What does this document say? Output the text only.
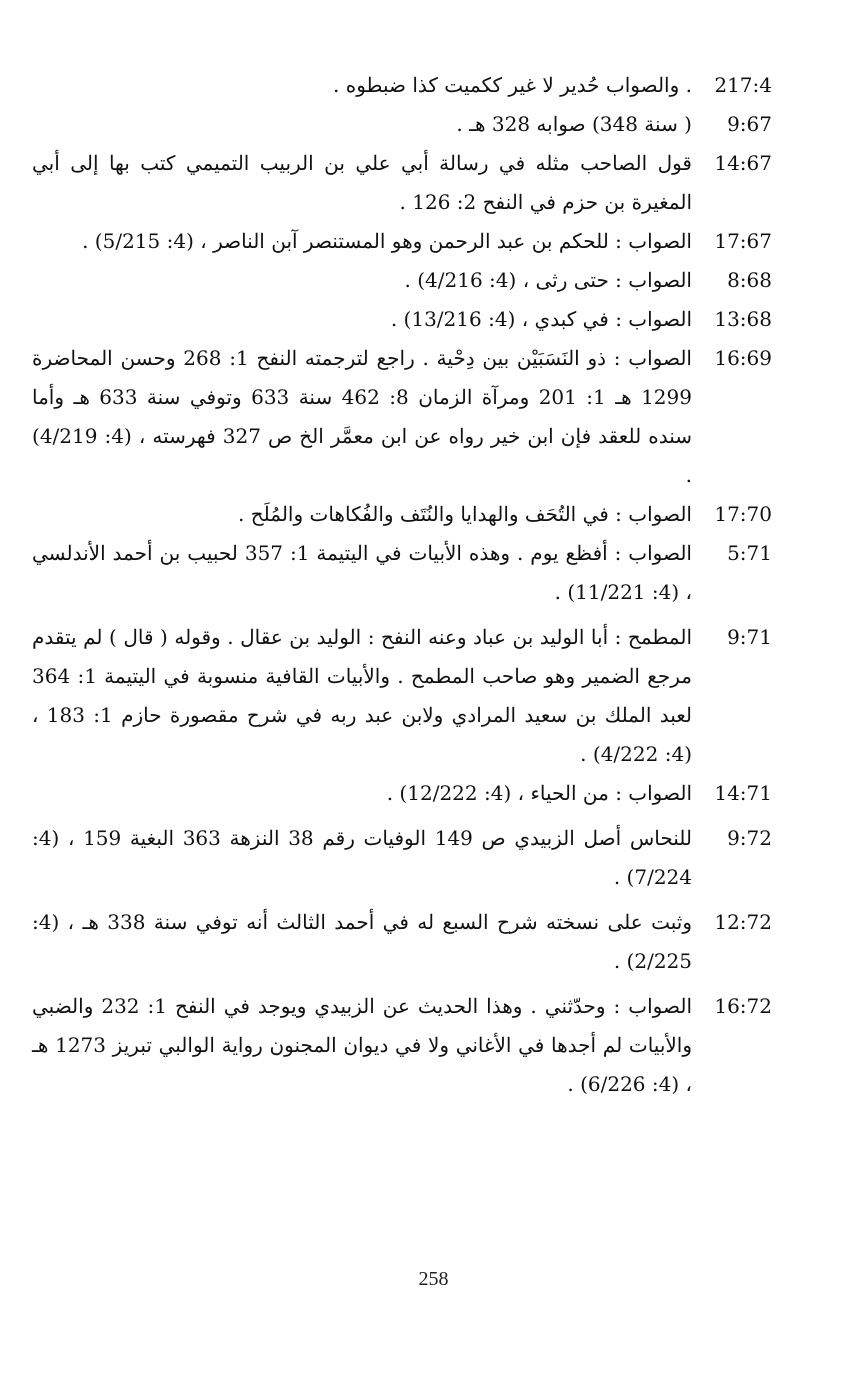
217:4
. والصواب حُدير لا غير ككميت كذا ضبطوه .
9:67
( سنة 348) صوابه 328 هـ .
14:67
قول الصاحب مثله في رسالة أبي علي بن الربيب التميمي كتب بها إلى أبي المغيرة بن حزم في النفح 2: 126 .
17:67
الصواب : للحكم بن عبد الرحمن وهو المستنصر آبن الناصر ، (4: 5/215) .
8:68
الصواب : حتى رثى ، (4: 4/216) .
13:68
الصواب : في كبدي ، (4: 13/216) .
16:69
الصواب : ذو النَسَبَيْن بين دِحْية . راجع لترجمته النفح 1: 268 وحسن المحاضرة 1299 هـ 1: 201 ومرآة الزمان 8: 462 سنة 633 وتوفي سنة 633 هـ وأما سنده للعقد فإن ابن خير رواه عن ابن معمَّر الخ ص 327 فهرسته ، (4: 4/219) .
17:70
الصواب : في التُحَف والهدايا والنُتَف والفُكاهات والمُلَح .
5:71
الصواب : أفظع يوم . وهذه الأبيات في اليتيمة 1: 357 لحبيب بن أحمد الأندلسي ، (4: 11/221) .
9:71
المطمح : أبا الوليد بن عباد وعنه النفح : الوليد بن عقال . وقوله ( قال ) لم يتقدم مرجع الضمير وهو صاحب المطمح . والأبيات القافية منسوبة في اليتيمة 1: 364 لعبد الملك بن سعيد المرادي ولابن عبد ربه في شرح مقصورة حازم 1: 183 ، (4: 4/222) .
14:71
الصواب : من الحياء ، (4: 12/222) .
9:72
للنحاس أصل الزبيدي ص 149 الوفيات رقم 38 النزهة 363 البغية 159 ، (4: 7/224) .
12:72
وثبت على نسخته شرح السبع له في أحمد الثالث أنه توفي سنة 338 هـ ، (4: 2/225) .
16:72
الصواب : وحدّثني . وهذا الحديث عن الزبيدي ويوجد في النفح 1: 232 والضبي والأبيات لم أجدها في الأغاني ولا في ديوان المجنون رواية الوالبي تبريز 1273 هـ ، (4: 6/226) .
258
